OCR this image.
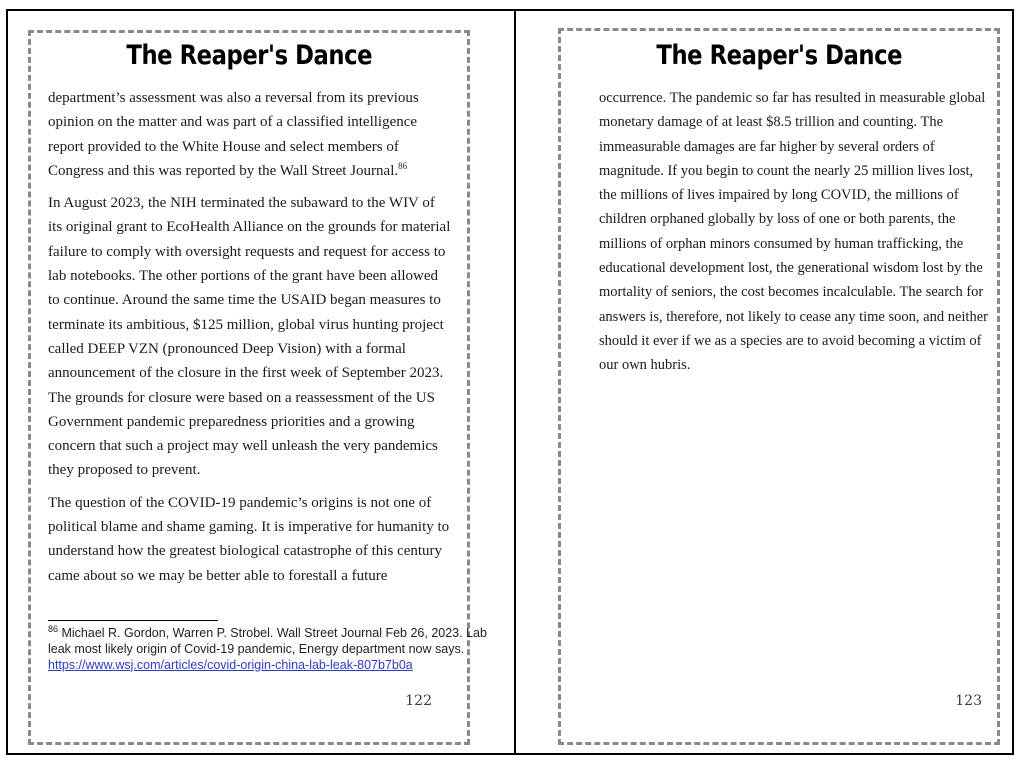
The Reaper's Dance
department’s assessment was also a reversal from its previous
opinion on the matter and was part of a classified intelligence
report provided to the White House and select members of
Congress and this was reported by the Wall Street Journal.$^{86}$
In August 2023, the NIH terminated the subaward to the WIV of
its original grant to EcoHealth Alliance on the grounds for material
failure to comply with oversight requests and request for access to
lab notebooks. The other portions of the grant have been allowed
to continue. Around the same time the USAID began measures to
terminate its ambitious, $125 million, global virus hunting project
called DEEP VZN (pronounced Deep Vision) with a formal
announcement of the closure in the first week of September 2023.
The grounds for closure were based on a reassessment of the US
Government pandemic preparedness priorities and a growing
concern that such a project may well unleash the very pandemics
they proposed to prevent.
The question of the COVID-19 pandemic’s origins is not one of
political blame and shame gaming. It is imperative for humanity to
understand how the greatest biological catastrophe of this century
came about so we may be better able to forestall a future
$^{86}$ Michael R. Gordon, Warren P. Strobel. Wall Street Journal Feb 26, 2023. Lab
leak most likely origin of Covid-19 pandemic, Energy department now says.
https://www.wsj.com/articles/covid-origin-china-lab-leak-807b7b0a
122
The Reaper's Dance
occurrence. The pandemic so far has resulted in measurable global
monetary damage of at least $8.5 trillion and counting. The
immeasurable damages are far higher by several orders of
magnitude. If you begin to count the nearly 25 million lives lost,
the millions of lives impaired by long COVID, the millions of
children orphaned globally by loss of one or both parents, the
millions of orphan minors consumed by human trafficking, the
educational development lost, the generational wisdom lost by the
mortality of seniors, the cost becomes incalculable. The search for
answers is, therefore, not likely to cease any time soon, and neither
should it ever if we as a species are to avoid becoming a victim of
our own hubris.
123
